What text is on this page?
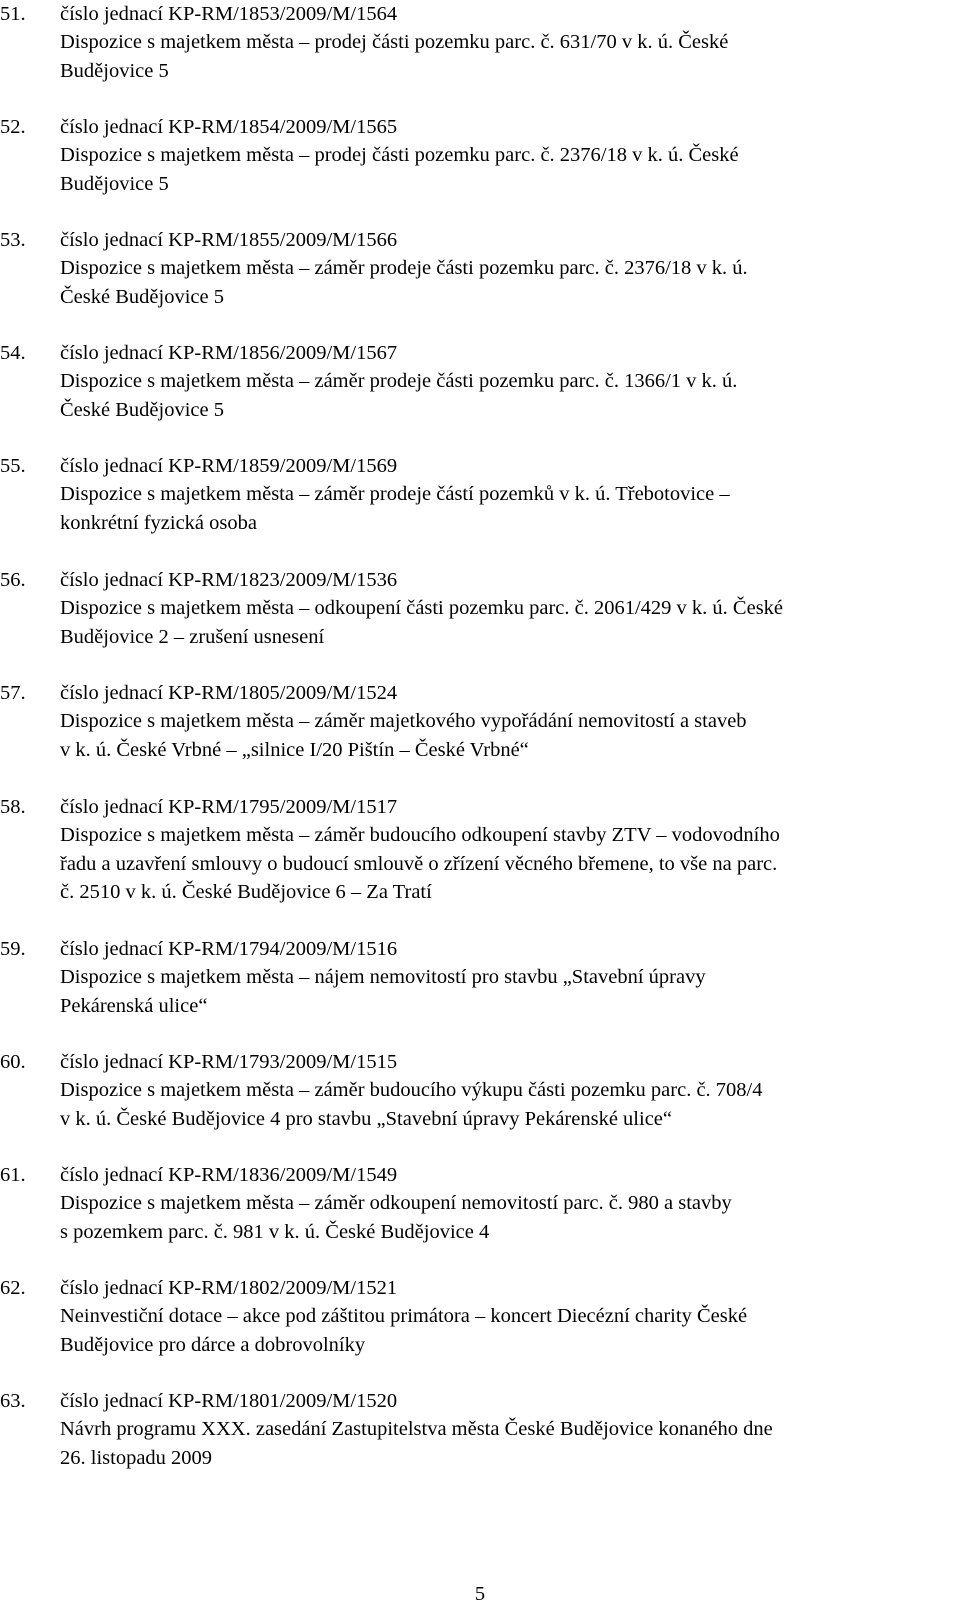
51.	číslo jednací KP-RM/1853/2009/M/1564
Dispozice s majetkem města – prodej části pozemku parc. č. 631/70 v k. ú. České
Budějovice 5
52.	číslo jednací KP-RM/1854/2009/M/1565
Dispozice s majetkem města – prodej části pozemku parc. č. 2376/18 v k. ú. České
Budějovice 5
53.	číslo jednací KP-RM/1855/2009/M/1566
Dispozice s majetkem města – záměr prodeje části pozemku parc. č. 2376/18 v k. ú.
České Budějovice 5
54.	číslo jednací KP-RM/1856/2009/M/1567
Dispozice s majetkem města – záměr prodeje části pozemku parc. č. 1366/1 v k. ú.
České Budějovice 5
55.	číslo jednací KP-RM/1859/2009/M/1569
Dispozice s majetkem města – záměr prodeje částí pozemků v k. ú. Třebotovice –
konkrétní fyzická osoba
56.	číslo jednací KP-RM/1823/2009/M/1536
Dispozice s majetkem města – odkoupení části pozemku parc. č. 2061/429 v k. ú. České
Budějovice 2 – zrušení usnesení
57.	číslo jednací KP-RM/1805/2009/M/1524
Dispozice s majetkem města – záměr majetkového vypořádání nemovitostí a staveb
v k. ú. České Vrbné – „silnice I/20 Pištín – České Vrbné“
58.	číslo jednací KP-RM/1795/2009/M/1517
Dispozice s majetkem města – záměr budoucího odkoupení stavby ZTV – vodovodního
řadu a uzavření smlouvy o budoucí smlouvě o zřízení věcného břemene, to vše na parc.
č. 2510 v k. ú. České Budějovice 6 – Za Tratí
59.	číslo jednací KP-RM/1794/2009/M/1516
Dispozice s majetkem města – nájem nemovitostí pro stavbu „Stavební úpravy
Pekárenská ulice“
60.	číslo jednací KP-RM/1793/2009/M/1515
Dispozice s majetkem města – záměr budoucího výkupu části pozemku parc. č. 708/4
v k. ú. České Budějovice 4 pro stavbu „Stavební úpravy Pekárenské ulice“
61.	číslo jednací KP-RM/1836/2009/M/1549
Dispozice s majetkem města – záměr odkoupení nemovitostí parc. č. 980 a stavby
s pozemkem parc. č. 981 v k. ú. České Budějovice 4
62.	číslo jednací KP-RM/1802/2009/M/1521
Neinvestiční dotace – akce pod záštitou primátora – koncert Diecézní charity České
Budějovice pro dárce a dobrovolníky
63.	číslo jednací KP-RM/1801/2009/M/1520
Návrh programu XXX. zasedání Zastupitelstva města České Budějovice konaného dne
26. listopadu 2009
5
